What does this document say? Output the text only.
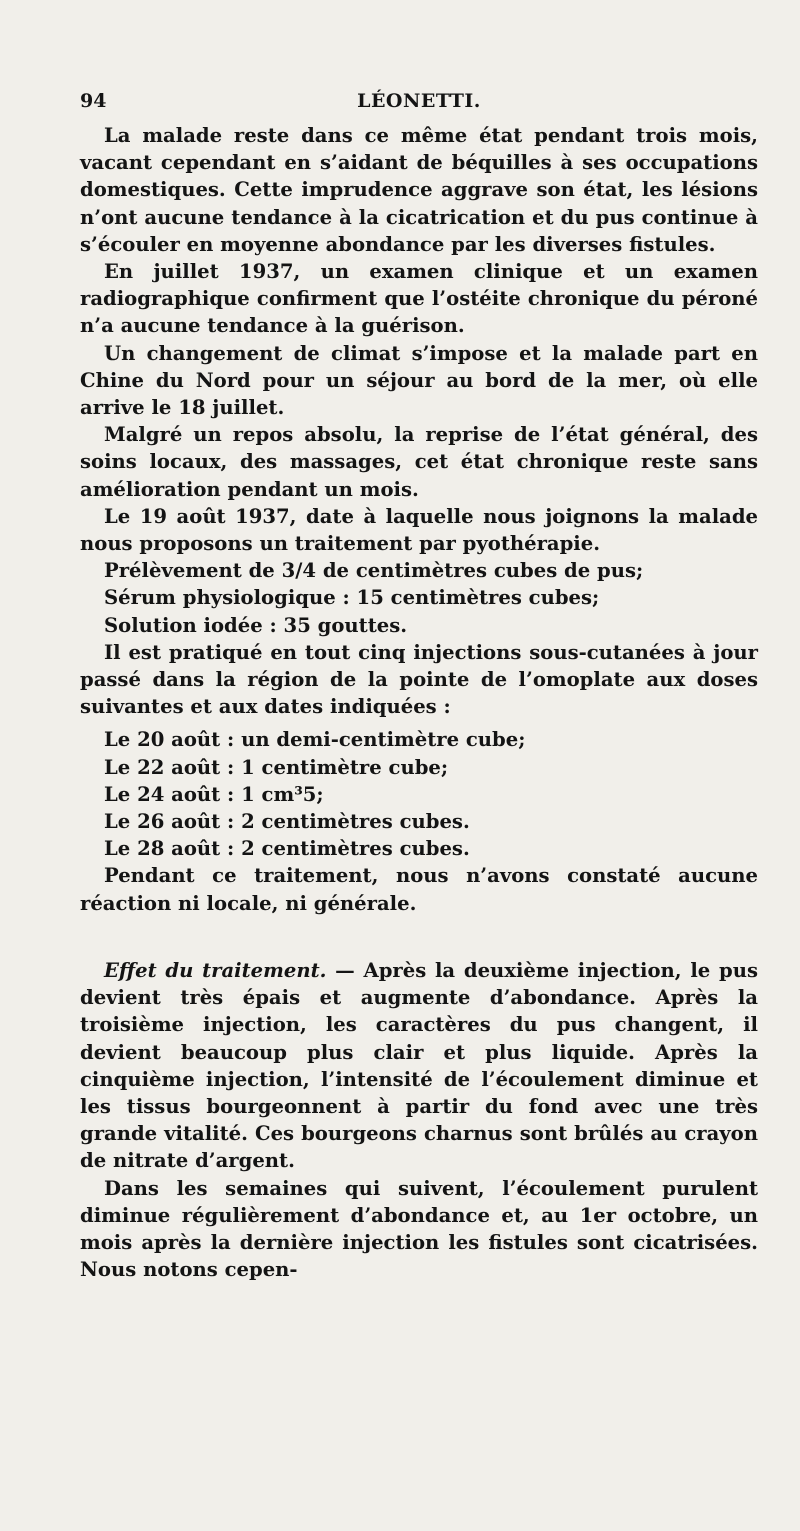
94	LÉONETTI.

La malade reste dans ce même état pendant trois mois, vacant cependant en s’aidant de béquilles à ses occupations domestiques. Cette imprudence aggrave son état, les lésions n’ont aucune tendance à la cicatrication et du pus continue à s’écouler en moyenne abondance par les diverses fistules.

En juillet 1937, un examen clinique et un examen radiographique confirment que l’ostéite chronique du péroné n’a aucune tendance à la guérison.

Un changement de climat s’impose et la malade part en Chine du Nord pour un séjour au bord de la mer, où elle arrive le 18 juillet.

Malgré un repos absolu, la reprise de l’état général, des soins locaux, des massages, cet état chronique reste sans amélioration pendant un mois.

Le 19 août 1937, date à laquelle nous joignons la malade nous proposons un traitement par pyothérapie.

Prélèvement de 3/4 de centimètres cubes de pus;
Sérum physiologique : 15 centimètres cubes;
Solution iodée : 35 gouttes.

Il est pratiqué en tout cinq injections sous-cutanées à jour passé dans la région de la pointe de l’omoplate aux doses suivantes et aux dates indiquées :

Le 20 août : un demi-centimètre cube;
Le 22 août : 1 centimètre cube;
Le 24 août : 1 cm³5;
Le 26 août : 2 centimètres cubes.
Le 28 août : 2 centimètres cubes.

Pendant ce traitement, nous n’avons constaté aucune réaction ni locale, ni générale.

Effet du traitement. — Après la deuxième injection, le pus devient très épais et augmente d’abondance. Après la troisième injection, les caractères du pus changent, il devient beaucoup plus clair et plus liquide. Après la cinquième injection, l’intensité de l’écoulement diminue et les tissus bourgeonnent à partir du fond avec une très grande vitalité. Ces bourgeons charnus sont brûlés au crayon de nitrate d’argent.

Dans les semaines qui suivent, l’écoulement purulent diminue régulièrement d’abondance et, au 1er octobre, un mois après la dernière injection les fistules sont cicatrisées. Nous notons cepen-
